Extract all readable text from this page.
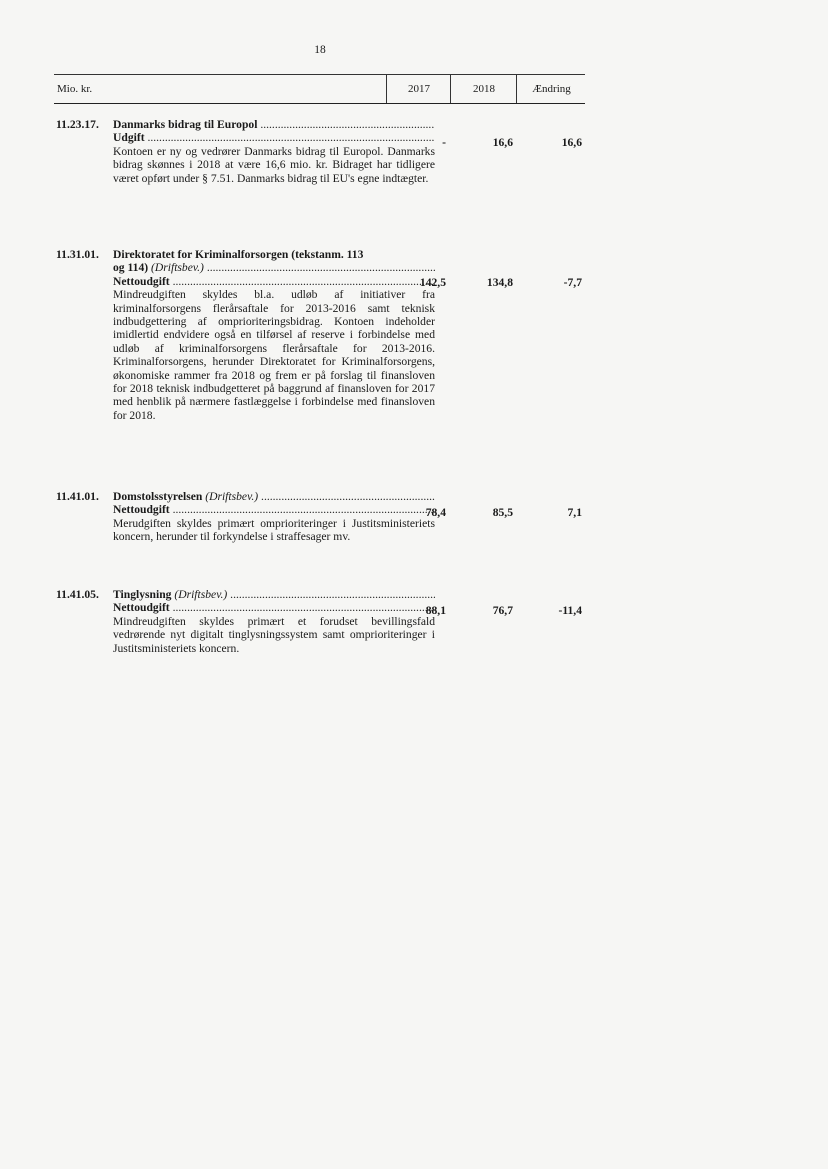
18
Mio. kr.	2017	2018	Ændring
11.23.17. Danmarks bidrag til Europol .....
Udgift .....
Kontoen er ny og vedrører Danmarks bidrag til Europol. Danmarks bidrag skønnes i 2018 at være 16,6 mio. kr. Bidraget har tidligere været opført under § 7.51. Danmarks bidrag til EU's egne indtægter.
-	16,6	16,6
11.31.01. Direktoratet for Kriminalforsorgen (tekstanm. 113
og 114) (Driftsbev.) .....
Nettoudgift .....
Mindreudgiften skyldes bl.a. udløb af initiativer fra kriminalforsorgens flerårsaftale for 2013-2016 samt teknisk indbudgettering af omprioriteringsbidrag. Kontoen indeholder imidlertid endvidere også en tilførsel af reserve i forbindelse med udløb af kriminalforsorgens flerårsaftale for 2013-2016. Kriminalforsorgens, herunder Direktoratet for Kriminalforsorgens, økonomiske rammer fra 2018 og frem er på forslag til finansloven for 2018 teknisk indbudgetteret på baggrund af finansloven for 2017 med henblik på nærmere fastlæggelse i forbindelse med finansloven for 2018.
142,5	134,8	-7,7
11.41.01. Domstolsstyrelsen (Driftsbev.) .....
Nettoudgift .....
Merudgiften skyldes primært omprioriteringer i Justitsministeriets koncern, herunder til forkyndelse i straffesager mv.
78,4	85,5	7,1
11.41.05. Tinglysning (Driftsbev.) .....
Nettoudgift .....
Mindreudgiften skyldes primært et forudset bevillingsfald vedrørende nyt digitalt tinglysningssystem samt omprioriteringer i Justitsministeriets koncern.
88,1	76,7	-11,4
